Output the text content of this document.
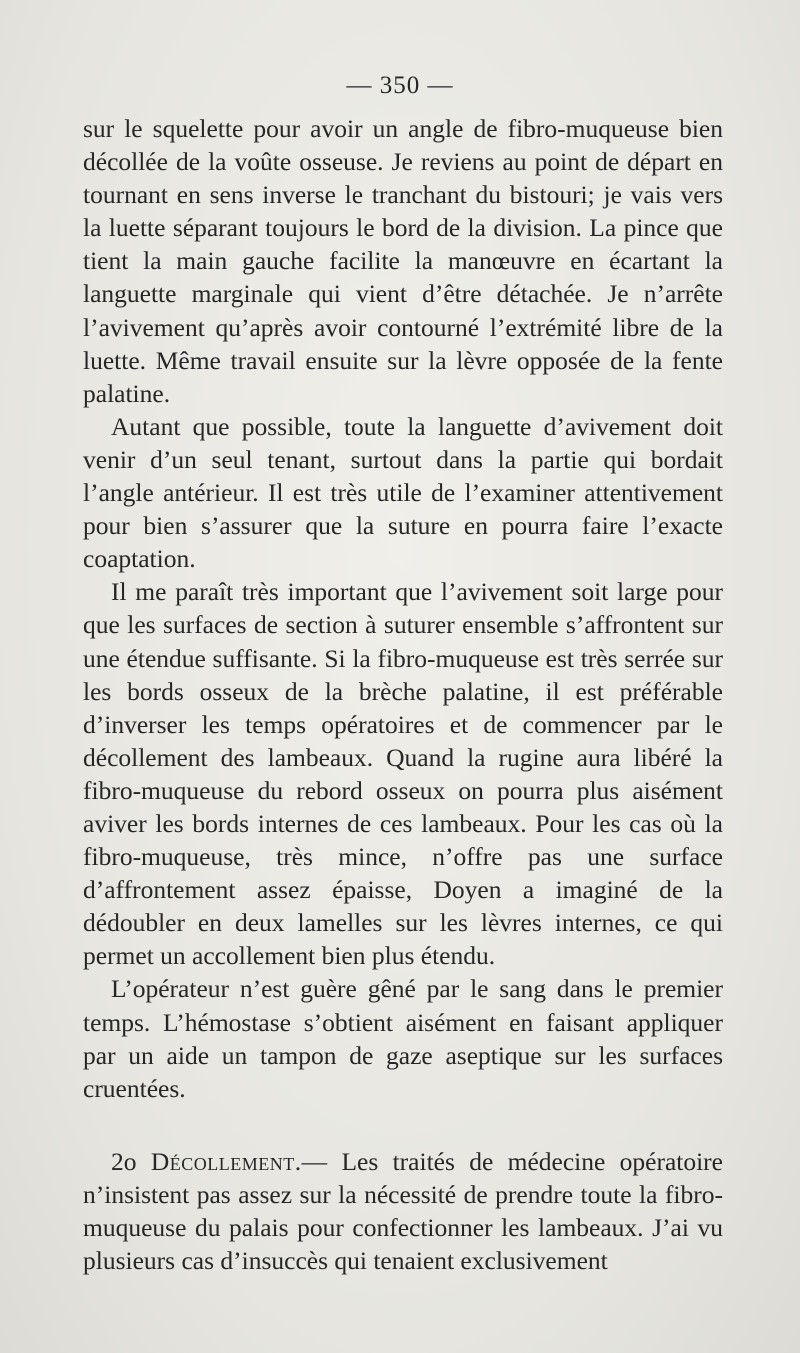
— 350 —

sur le squelette pour avoir un angle de fibro-muqueuse bien décollée de la voûte osseuse. Je reviens au point de départ en tournant en sens inverse le tranchant du bistouri; je vais vers la luette séparant toujours le bord de la division. La pince que tient la main gauche facilite la manœuvre en écartant la languette marginale qui vient d’être détachée. Je n’arrête l’avivement qu’après avoir contourné l’extrémité libre de la luette. Même travail ensuite sur la lèvre opposée de la fente palatine.

Autant que possible, toute la languette d’avivement doit venir d’un seul tenant, surtout dans la partie qui bordait l’angle antérieur. Il est très utile de l’examiner attentivement pour bien s’assurer que la suture en pourra faire l’exacte coaptation.

Il me paraît très important que l’avivement soit large pour que les surfaces de section à suturer ensemble s’affrontent sur une étendue suffisante. Si la fibro-muqueuse est très serrée sur les bords osseux de la brèche palatine, il est préférable d’inverser les temps opératoires et de commencer par le décollement des lambeaux. Quand la rugine aura libéré la fibro-muqueuse du rebord osseux on pourra plus aisément aviver les bords internes de ces lambeaux. Pour les cas où la fibro-muqueuse, très mince, n’offre pas une surface d’affrontement assez épaisse, Doyen a imaginé de la dédoubler en deux lamelles sur les lèvres internes, ce qui permet un accollement bien plus étendu.

L’opérateur n’est guère gêné par le sang dans le premier temps. L’hémostase s’obtient aisément en faisant appliquer par un aide un tampon de gaze aseptique sur les surfaces cruentées.

2o Décollement.— Les traités de médecine opératoire n’insistent pas assez sur la nécessité de prendre toute la fibro-muqueuse du palais pour confectionner les lambeaux. J’ai vu plusieurs cas d’insuccès qui tenaient exclusivement
